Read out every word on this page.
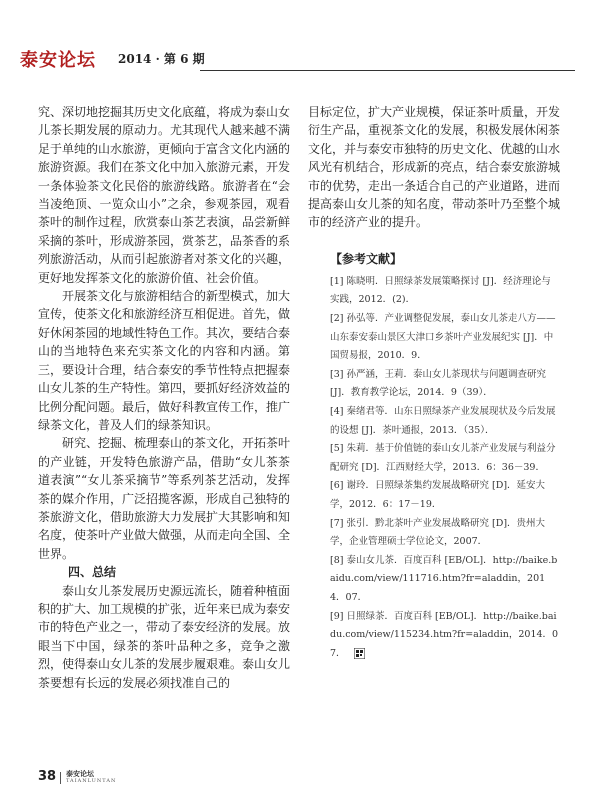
泰安论坛 2014 · 第 6 期

究、深切地挖掘其历史文化底蕴，将成为泰山女儿茶长期发展的原动力。尤其现代人越来越不满足于单纯的山水旅游，更倾向于富含文化内涵的旅游资源。我们在茶文化中加入旅游元素，开发一条体验茶文化民俗的旅游线路。旅游者在“会当凌绝顶、一览众山小”之余，参观茶园，观看茶叶的制作过程，欣赏泰山茶艺表演，品尝新鲜采摘的茶叶，形成游茶园，赏茶艺，品茶香的系列旅游活动，从而引起旅游者对茶文化的兴趣，更好地发挥茶文化的旅游价值、社会价值。

开展茶文化与旅游相结合的新型模式，加大宣传，使茶文化和旅游经济互相促进。首先，做好休闲茶园的地域性特色工作。其次，要结合泰山的当地特色来充实茶文化的内容和内涵。第三，要设计合理，结合泰安的季节性特点把握泰山女儿茶的生产特性。第四，要抓好经济效益的比例分配问题。最后，做好科教宣传工作，推广绿茶文化，普及人们的绿茶知识。

研究、挖掘、梳理泰山的茶文化，开拓茶叶的产业链，开发特色旅游产品，借助“女儿茶茶道表演”“女儿茶采摘节”等系列茶艺活动，发挥茶的媒介作用，广泛招揽客源，形成自己独特的茶旅游文化，借助旅游大力发展扩大其影响和知名度，使茶叶产业做大做强，从而走向全国、全世界。

四、总结

泰山女儿茶发展历史源远流长，随着种植面积的扩大、加工规模的扩张，近年来已成为泰安市的特色产业之一，带动了泰安经济的发展。放眼当下中国，绿茶的茶叶品种之多，竞争之激烈，使得泰山女儿茶的发展步履艰难。泰山女儿茶要想有长远的发展必须找准自己的

目标定位，扩大产业规模，保证茶叶质量，开发衍生产品，重视茶文化的发展，积极发展休闲茶文化，并与泰安市独特的历史文化、优越的山水风光有机结合，形成新的亮点，结合泰安旅游城市的优势，走出一条适合自己的产业道路，进而提高泰山女儿茶的知名度，带动茶叶乃至整个城市的经济产业的提升。

【参考文献】

[1] 陈晓明．日照绿茶发展策略探讨 [J]．经济理论与实践，2012．(2)．

[2] 孙弘等．产业调整促发展，泰山女儿茶走八方——山东泰安泰山景区大津口乡茶叶产业发展纪实 [J]．中国贸易报，2010．9．

[3] 孙严涵，王莉．泰山女儿茶现状与问题调查研究 [J]．教育教学论坛，2014．9（39）．

[4] 秦绪君等．山东日照绿茶产业发展现状及今后发展的设想 [J]．茶叶通报，2013．（35）．

[5] 朱莉．基于价值链的泰山女儿茶产业发展与利益分配研究 [D]．江西财经大学，2013．6：36－39．

[6] 谢玲．日照绿茶集约发展战略研究 [D]．延安大学，2012．6：17－19．

[7] 张引．黔北茶叶产业发展战略研究 [D]．贵州大学，企业管理硕士学位论文，2007．

[8] 泰山女儿茶．百度百科 [EB/OL]．http://baike.baidu.com/view/111716.htm?fr=aladdin，2014．07．

[9] 日照绿茶．百度百科 [EB/OL]．http://baike.baidu.com/view/115234.htm?fr=aladdin，2014．07．

38 泰安论坛
TAIANLUNTAN
